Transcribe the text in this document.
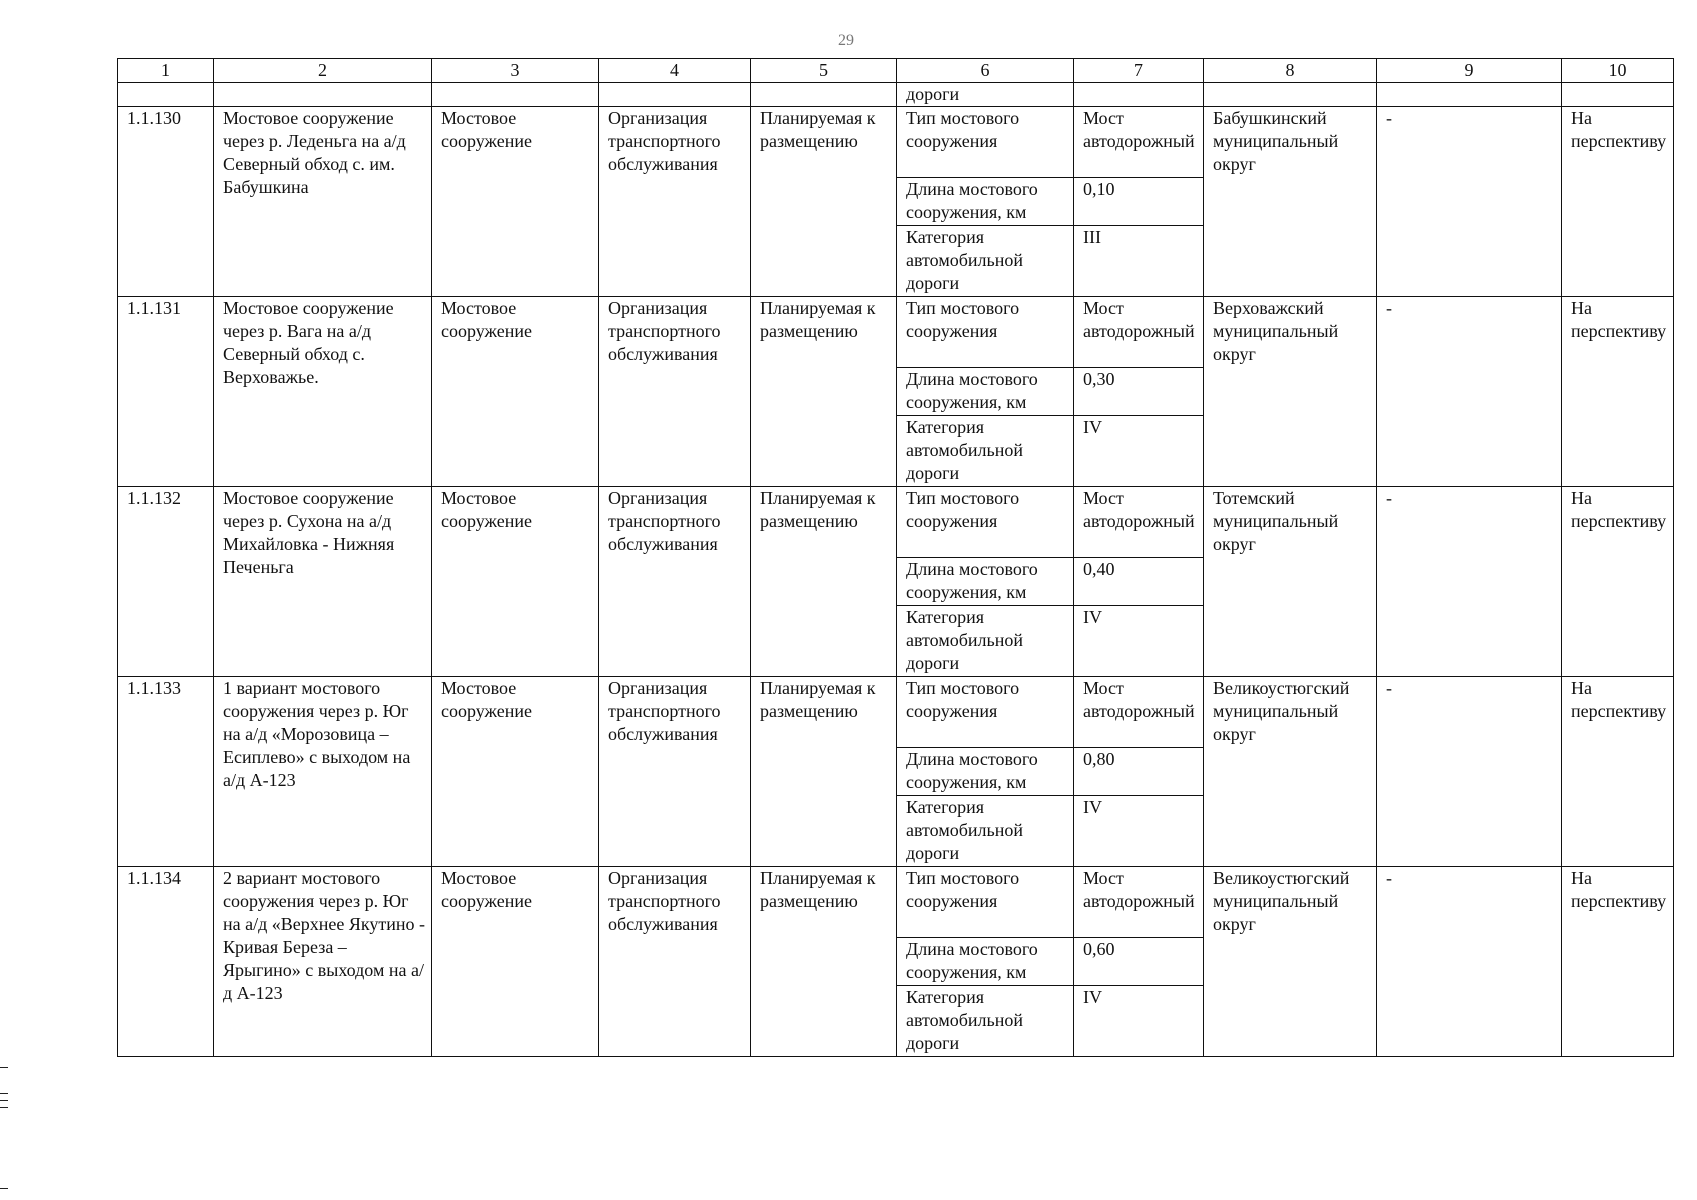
29
1	2	3	4	5	6	7	8	9	10
					дороги				
1.1.130	Мостовое сооружение через р. Леденьга на а/д Северный обход с. им. Бабушкина	Мостовое сооружение	Организация транспортного обслуживания	Планируемая к размещению	Тип мостового сооружения	Мост автодорожный	Бабушкинский муниципальный округ	-	На перспективу
					Длина мостового сооружения, км	0,10			
					Категория автомобильной дороги	III			
1.1.131	Мостовое сооружение через р. Вага на а/д Северный обход с. Верховажье.	Мостовое сооружение	Организация транспортного обслуживания	Планируемая к размещению	Тип мостового сооружения	Мост автодорожный	Верховажский муниципальный округ	-	На перспективу
					Длина мостового сооружения, км	0,30			
					Категория автомобильной дороги	IV			
1.1.132	Мостовое сооружение через р. Сухона на а/д Михайловка - Нижняя Печеньга	Мостовое сооружение	Организация транспортного обслуживания	Планируемая к размещению	Тип мостового сооружения	Мост автодорожный	Тотемский муниципальный округ	-	На перспективу
					Длина мостового сооружения, км	0,40			
					Категория автомобильной дороги	IV			
1.1.133	1 вариант мостового сооружения через р. Юг на а/д «Морозовица – Есиплево» с выходом на а/д А-123	Мостовое сооружение	Организация транспортного обслуживания	Планируемая к размещению	Тип мостового сооружения	Мост автодорожный	Великоустюгский муниципальный округ	-	На перспективу
					Длина мостового сооружения, км	0,80			
					Категория автомобильной дороги	IV			
1.1.134	2 вариант мостового сооружения через р. Юг на а/д «Верхнее Якутино - Кривая Береза – Ярыгино» с выходом на а/д А-123	Мостовое сооружение	Организация транспортного обслуживания	Планируемая к размещению	Тип мостового сооружения	Мост автодорожный	Великоустюгский муниципальный округ	-	На перспективу
					Длина мостового сооружения, км	0,60			
					Категория автомобильной дороги	IV			
